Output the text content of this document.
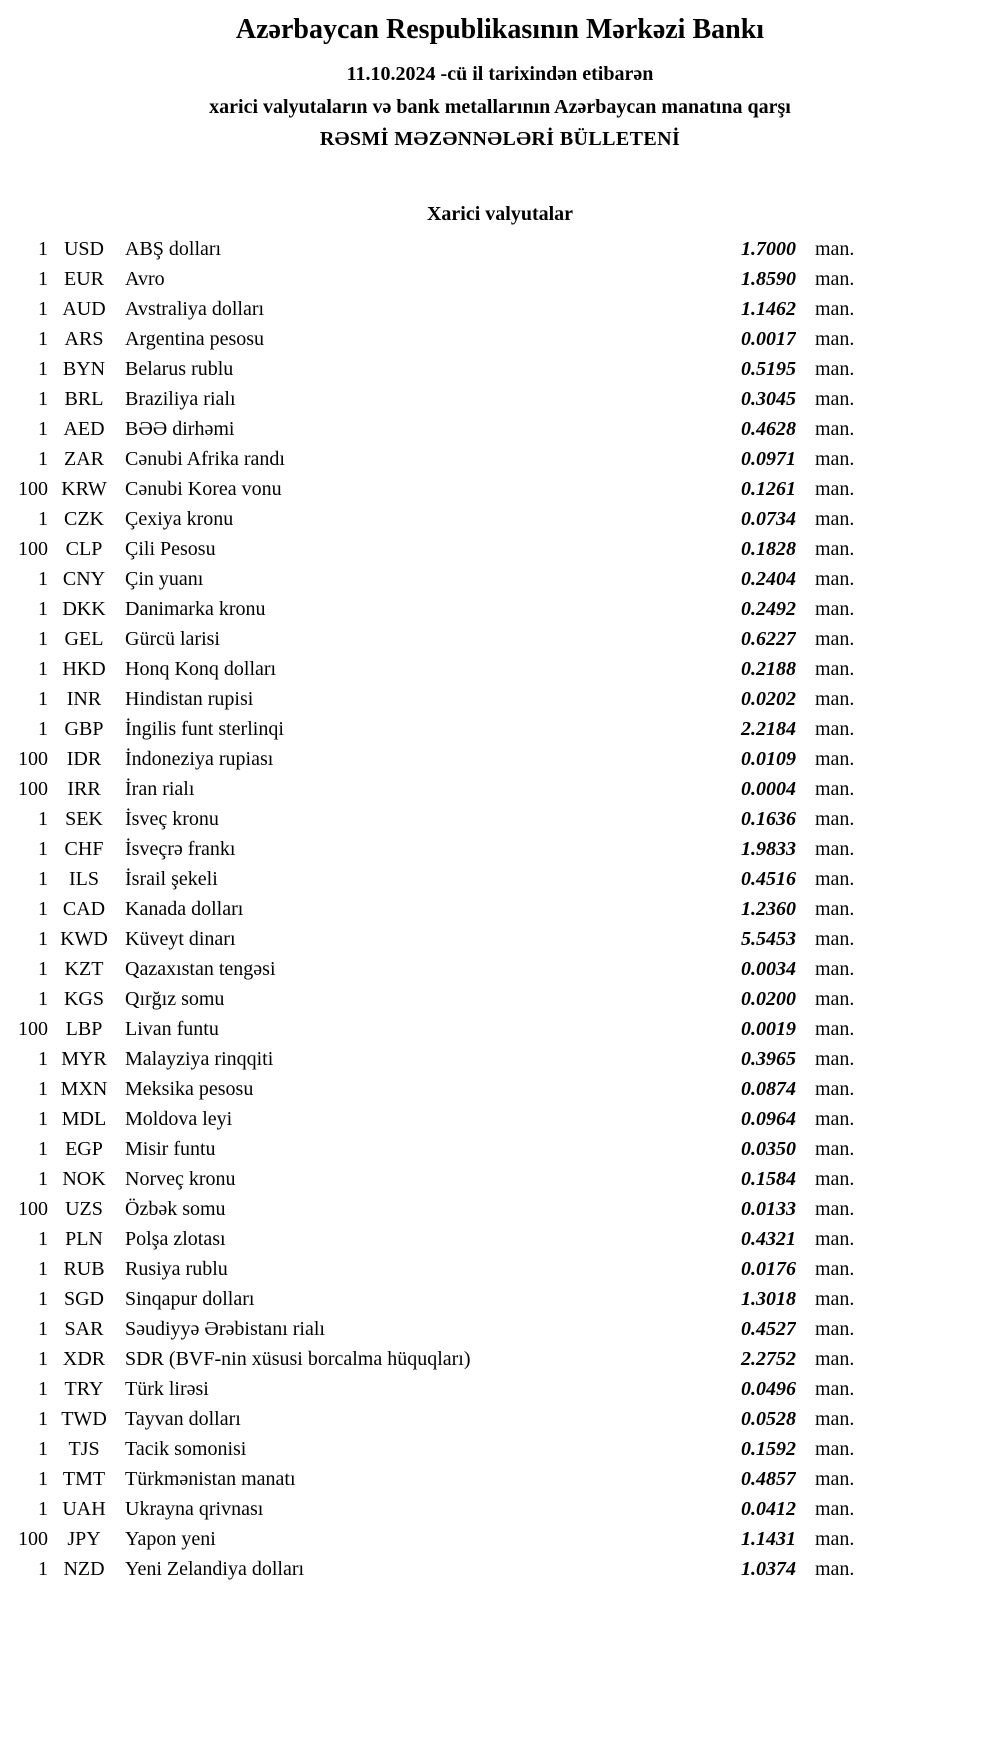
Azərbaycan Respublikasının Mərkəzi Bankı
11.10.2024 -cü il tarixindən etibarən
xarici valyutaların və bank metallarının Azərbaycan manatına qarşı
RƏSMİ MƏZƏNNƏLƏRİ BÜLLETENİ
Xarici valyutalar
1 USD	ABŞ dolları	1.7000 man.
1 EUR	Avro	1.8590 man.
1 AUD Avstraliya dolları	1.1462 man.
1 ARS	Argentina pesosu	0.0017 man.
1 BYN Belarus rublu	0.5195 man.
1 BRL	Braziliya rialı	0.3045 man.
1 AED	BƏƏ dirhəmi	0.4628 man.
1 ZAR	Cənubi Afrika randı	0.0971 man.
100 KRW Cənubi Korea vonu	0.1261 man.
1 CZK	Çexiya kronu	0.0734 man.
100 CLP	Çili Pesosu	0.1828 man.
1 CNY Çin yuanı	0.2404 man.
1 DKK Danimarka kronu	0.2492 man.
1 GEL	Gürcü larisi	0.6227 man.
1 HKD Honq Konq dolları	0.2188 man.
1 INR	Hindistan rupisi	0.0202 man.
1 GBP	İngilis funt sterlinqi	2.2184 man.
100 IDR	İndoneziya rupiası	0.0109 man.
100 IRR	İran rialı	0.0004 man.
1 SEK	İsveç kronu	0.1636 man.
1 CHF	İsveçrə frankı	1.9833 man.
1	ILS	İsrail şekeli	0.4516 man.
1 CAD Kanada dolları	1.2360 man.
1 KWD Küveyt dinarı	5.5453 man.
1 KZT	Qazaxıstan tengəsi	0.0034 man.
1 KGS	Qırğız somu	0.0200 man.
100 LBP	Livan funtu	0.0019 man.
1 MYR Malayziya rinqqiti	0.3965 man.
1 MXN Meksika pesosu	0.0874 man.
1 MDL Moldova leyi	0.0964 man.
1 EGP	Misir funtu	0.0350 man.
1 NOK Norveç kronu	0.1584 man.
100 UZS	Özbək somu	0.0133 man.
1 PLN	Polşa zlotası	0.4321 man.
1 RUB	Rusiya rublu	0.0176 man.
1 SGD	Sinqapur dolları	1.3018 man.
1 SAR	Səudiyyə Ərəbistanı rialı	0.4527 man.
1 XDR SDR (BVF-nin xüsusi borcalma hüquqları)	2.2752 man.
1 TRY	Türk lirəsi	0.0496 man.
1 TWD Tayvan dolları	0.0528 man.
1	TJS	Tacik somonisi	0.1592 man.
1 TMT Türkmənistan manatı	0.4857 man.
1 UAH Ukrayna qrivnası	0.0412 man.
100 JPY	Yapon yeni	1.1431 man.
1 NZD	Yeni Zelandiya dolları	1.0374 man.
